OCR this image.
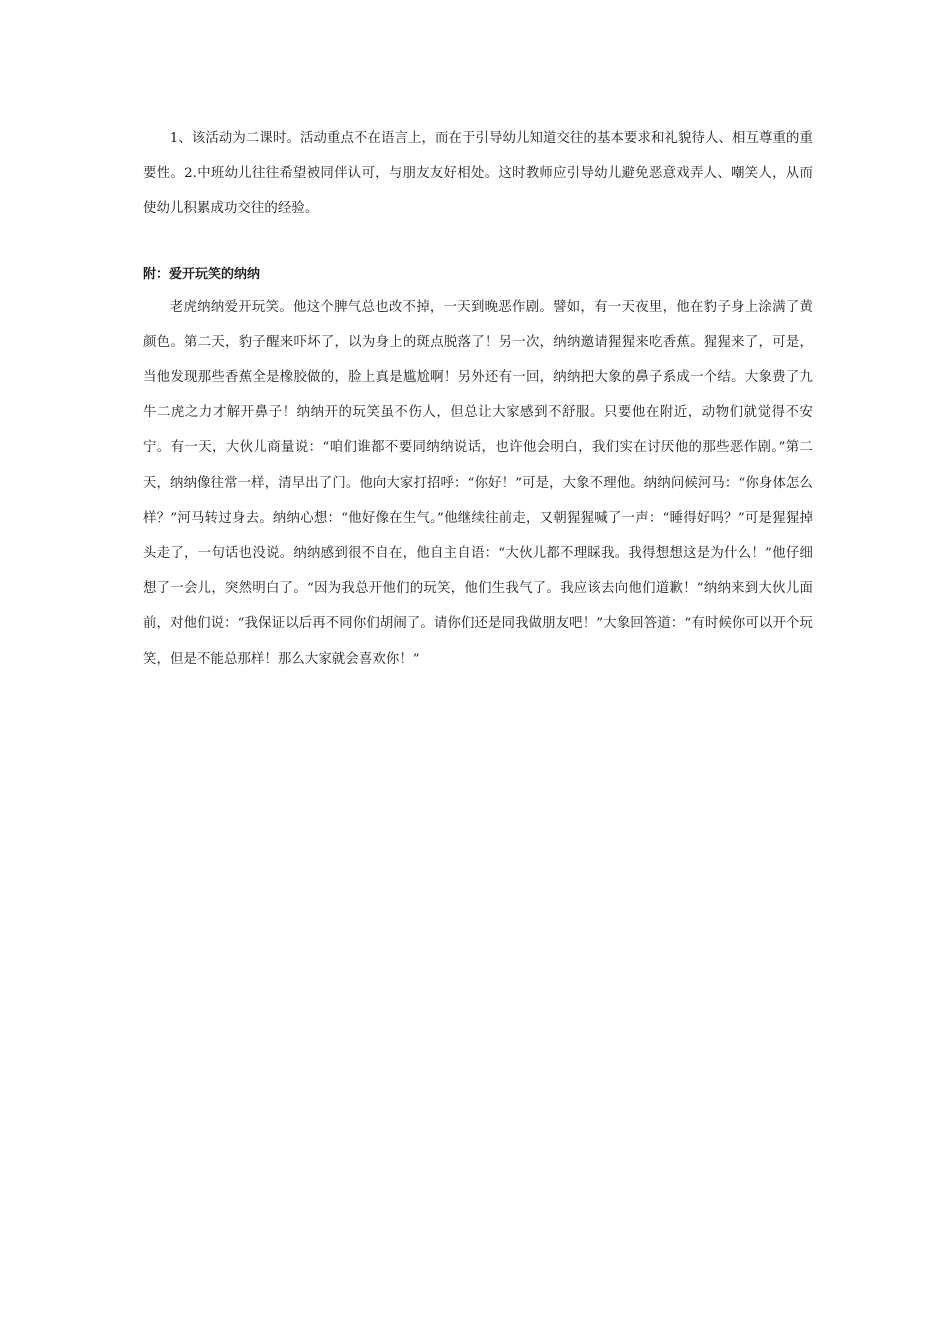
1、该活动为二课时。活动重点不在语言上，而在于引导幼儿知道交往的基本要求和礼貌待人、相互尊重的重要性。2.中班幼儿往往希望被同伴认可，与朋友友好相处。这时教师应引导幼儿避免恶意戏弄人、嘲笑人，从而使幼儿积累成功交往的经验。

附：爱开玩笑的纳纳

老虎纳纳爱开玩笑。他这个脾气总也改不掉，一天到晚恶作剧。譬如，有一天夜里，他在豹子身上涂满了黄颜色。第二天，豹子醒来吓坏了，以为身上的斑点脱落了！另一次，纳纳邀请猩猩来吃香蕉。猩猩来了，可是，当他发现那些香蕉全是橡胶做的，脸上真是尴尬啊！另外还有一回，纳纳把大象的鼻子系成一个结。大象费了九牛二虎之力才解开鼻子！纳纳开的玩笑虽不伤人，但总让大家感到不舒服。只要他在附近，动物们就觉得不安宁。有一天，大伙儿商量说：“咱们谁都不要同纳纳说话，也许他会明白，我们实在讨厌他的那些恶作剧。”第二天，纳纳像往常一样，清早出了门。他向大家打招呼：“你好！”可是，大象不理他。纳纳问候河马：“你身体怎么样？”河马转过身去。纳纳心想：“他好像在生气。”他继续往前走，又朝猩猩喊了一声：“睡得好吗？”可是猩猩掉头走了，一句话也没说。纳纳感到很不自在，他自主自语：“大伙儿都不理睬我。我得想想这是为什么！”他仔细想了一会儿，突然明白了。“因为我总开他们的玩笑，他们生我气了。我应该去向他们道歉！”纳纳来到大伙儿面前，对他们说：“我保证以后再不同你们胡闹了。请你们还是同我做朋友吧！”大象回答道：“有时候你可以开个玩笑，但是不能总那样！那么大家就会喜欢你！”
